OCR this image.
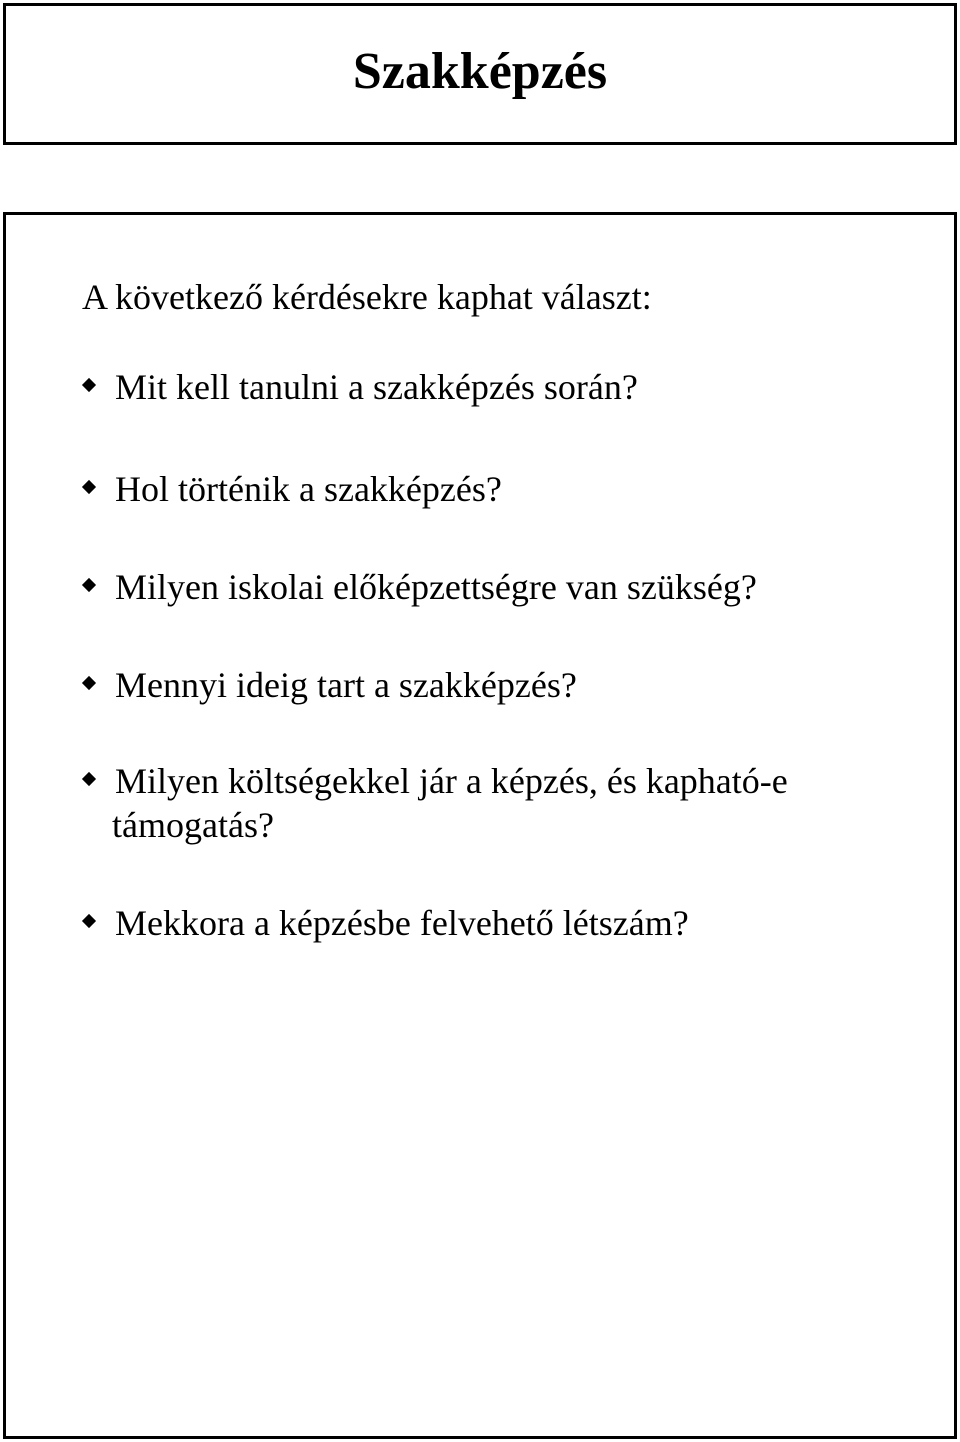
Szakképzés
A következő kérdésekre kaphat választ:
Mit kell tanulni a szakképzés során?
Hol történik a szakképzés?
Milyen iskolai előképzettségre van szükség?
Mennyi ideig tart a szakképzés?
Milyen költségekkel jár a képzés, és kapható-e támogatás?
Mekkora a képzésbe felvehető létszám?
